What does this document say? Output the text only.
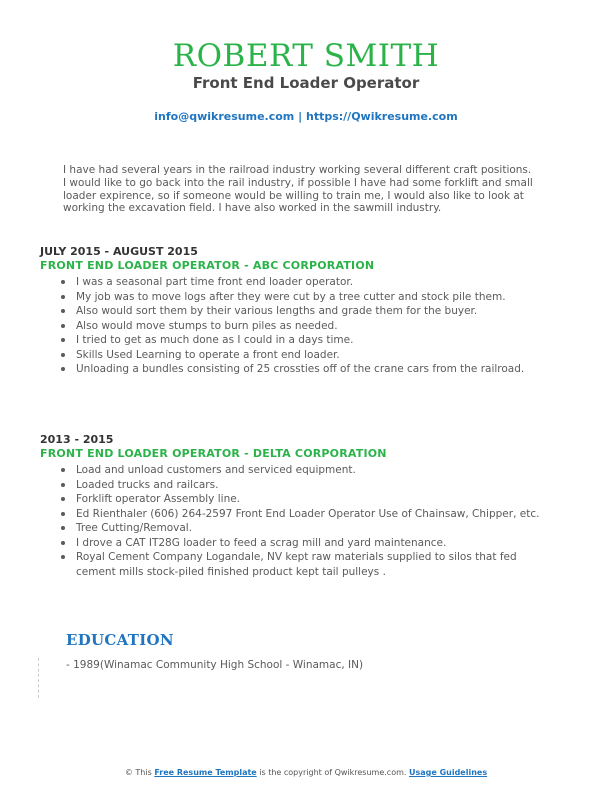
ROBERT SMITH
Front End Loader Operator
info@qwikresume.com | https://Qwikresume.com
I have had several years in the railroad industry working several different craft positions. I would like to go back into the rail industry, if possible I have had some forklift and small loader expirence, so if someone would be willing to train me, I would also like to look at working the excavation field. I have also worked in the sawmill industry.
JULY 2015 - AUGUST 2015
FRONT END LOADER OPERATOR - ABC CORPORATION
I was a seasonal part time front end loader operator.
My job was to move logs after they were cut by a tree cutter and stock pile them.
Also would sort them by their various lengths and grade them for the buyer.
Also would move stumps to burn piles as needed.
I tried to get as much done as I could in a days time.
Skills Used Learning to operate a front end loader.
Unloading a bundles consisting of 25 crossties off of the crane cars from the railroad.
2013 - 2015
FRONT END LOADER OPERATOR - DELTA CORPORATION
Load and unload customers and serviced equipment.
Loaded trucks and railcars.
Forklift operator Assembly line.
Ed Rienthaler (606) 264-2597 Front End Loader Operator Use of Chainsaw, Chipper, etc.
Tree Cutting/Removal.
I drove a CAT IT28G loader to feed a scrag mill and yard maintenance.
Royal Cement Company Logandale, NV kept raw materials supplied to silos that fed cement mills stock-piled finished product kept tail pulleys .
EDUCATION
- 1989(Winamac Community High School - Winamac, IN)
© This Free Resume Template is the copyright of Qwikresume.com. Usage Guidelines
